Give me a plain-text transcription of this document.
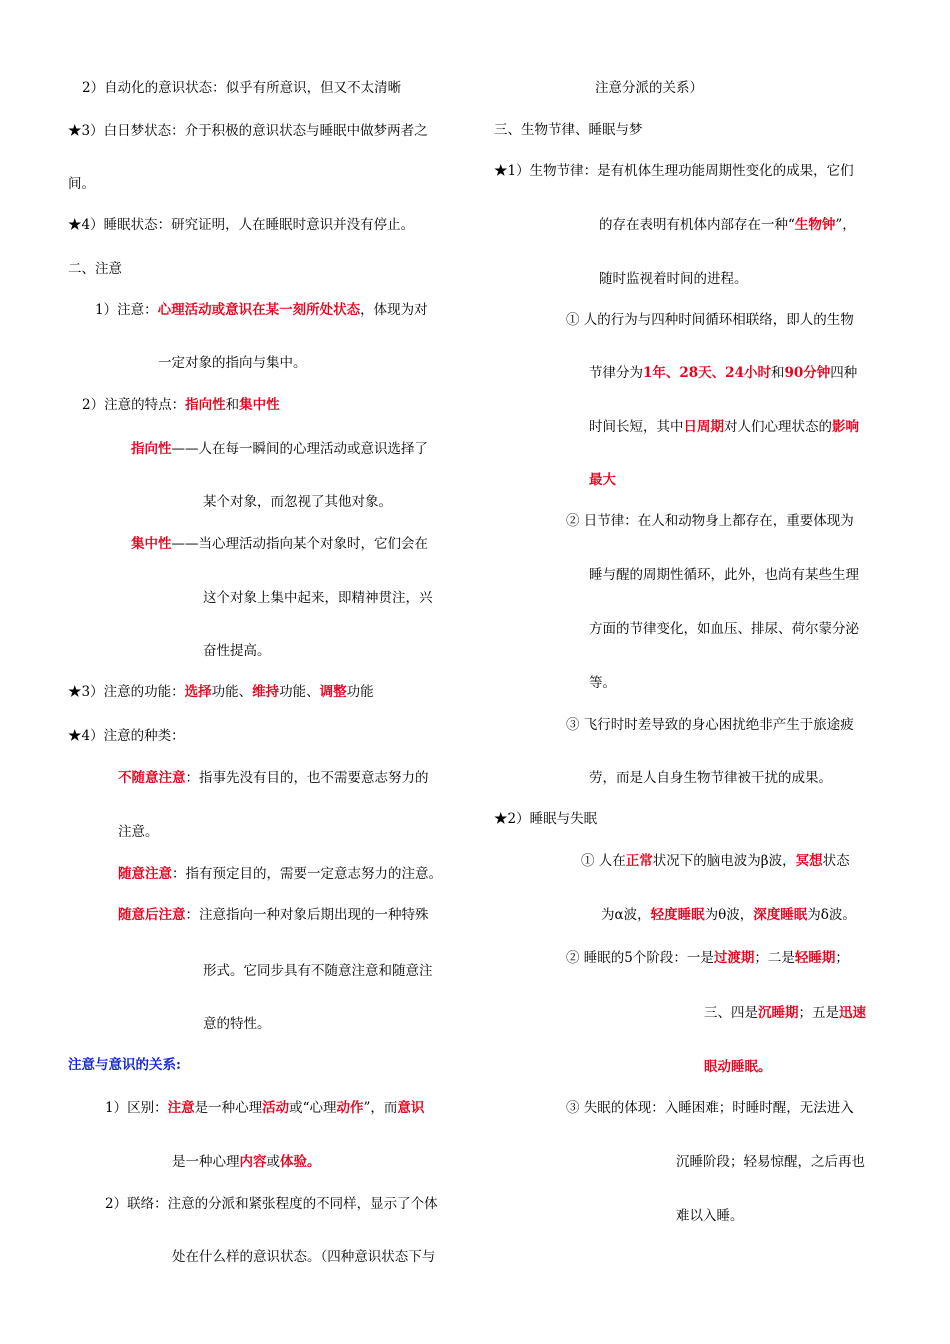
2）自动化的意识状态：似乎有所意识，但又不太清晰
★3）白日梦状态：介于积极的意识状态与睡眠中做梦两者之
间。
★4）睡眠状态：研究证明，人在睡眠时意识并没有停止。
二、注意
1）注意：心理活动或意识在某一刻所处状态，体现为对
一定对象的指向与集中。
2）注意的特点：指向性和集中性
指向性——人在每一瞬间的心理活动或意识选择了
某个对象，而忽视了其他对象。
集中性——当心理活动指向某个对象时，它们会在
这个对象上集中起来，即精神贯注，兴
奋性提高。
★3）注意的功能：选择功能、维持功能、调整功能
★4）注意的种类：
不随意注意：指事先没有目的，也不需要意志努力的
注意。
随意注意：指有预定目的，需要一定意志努力的注意。
随意后注意：注意指向一种对象后期出现的一种特殊
形式。它同步具有不随意注意和随意注
意的特性。
注意与意识的关系:
1）区别：注意是一种心理活动或“心理动作”，而意识
是一种心理内容或体验。
2）联络：注意的分派和紧张程度的不同样，显示了个体
处在什么样的意识状态。（四种意识状态下与
注意分派的关系）
三、生物节律、睡眠与梦
★1）生物节律：是有机体生理功能周期性变化的成果，它们
的存在表明有机体内部存在一种“生物钟”，
随时监视着时间的进程。
① 人的行为与四种时间循环相联络，即人的生物
节律分为1年、28天、24小时和90分钟四种
时间长短，其中日周期对人们心理状态的影响
最大
② 日节律：在人和动物身上都存在，重要体现为
睡与醒的周期性循环，此外，也尚有某些生理
方面的节律变化，如血压、排尿、荷尔蒙分泌
等。
③ 飞行时时差导致的身心困扰绝非产生于旅途疲
劳，而是人自身生物节律被干扰的成果。
★2）睡眠与失眠
① 人在正常状况下的脑电波为β波，冥想状态
为α波，轻度睡眠为θ波，深度睡眠为δ波。
② 睡眠的5个阶段：一是过渡期；二是轻睡期；
三、四是沉睡期；五是迅速
眼动睡眠。
③ 失眠的体现：入睡困难；时睡时醒，无法进入
沉睡阶段；轻易惊醒，之后再也
难以入睡。
